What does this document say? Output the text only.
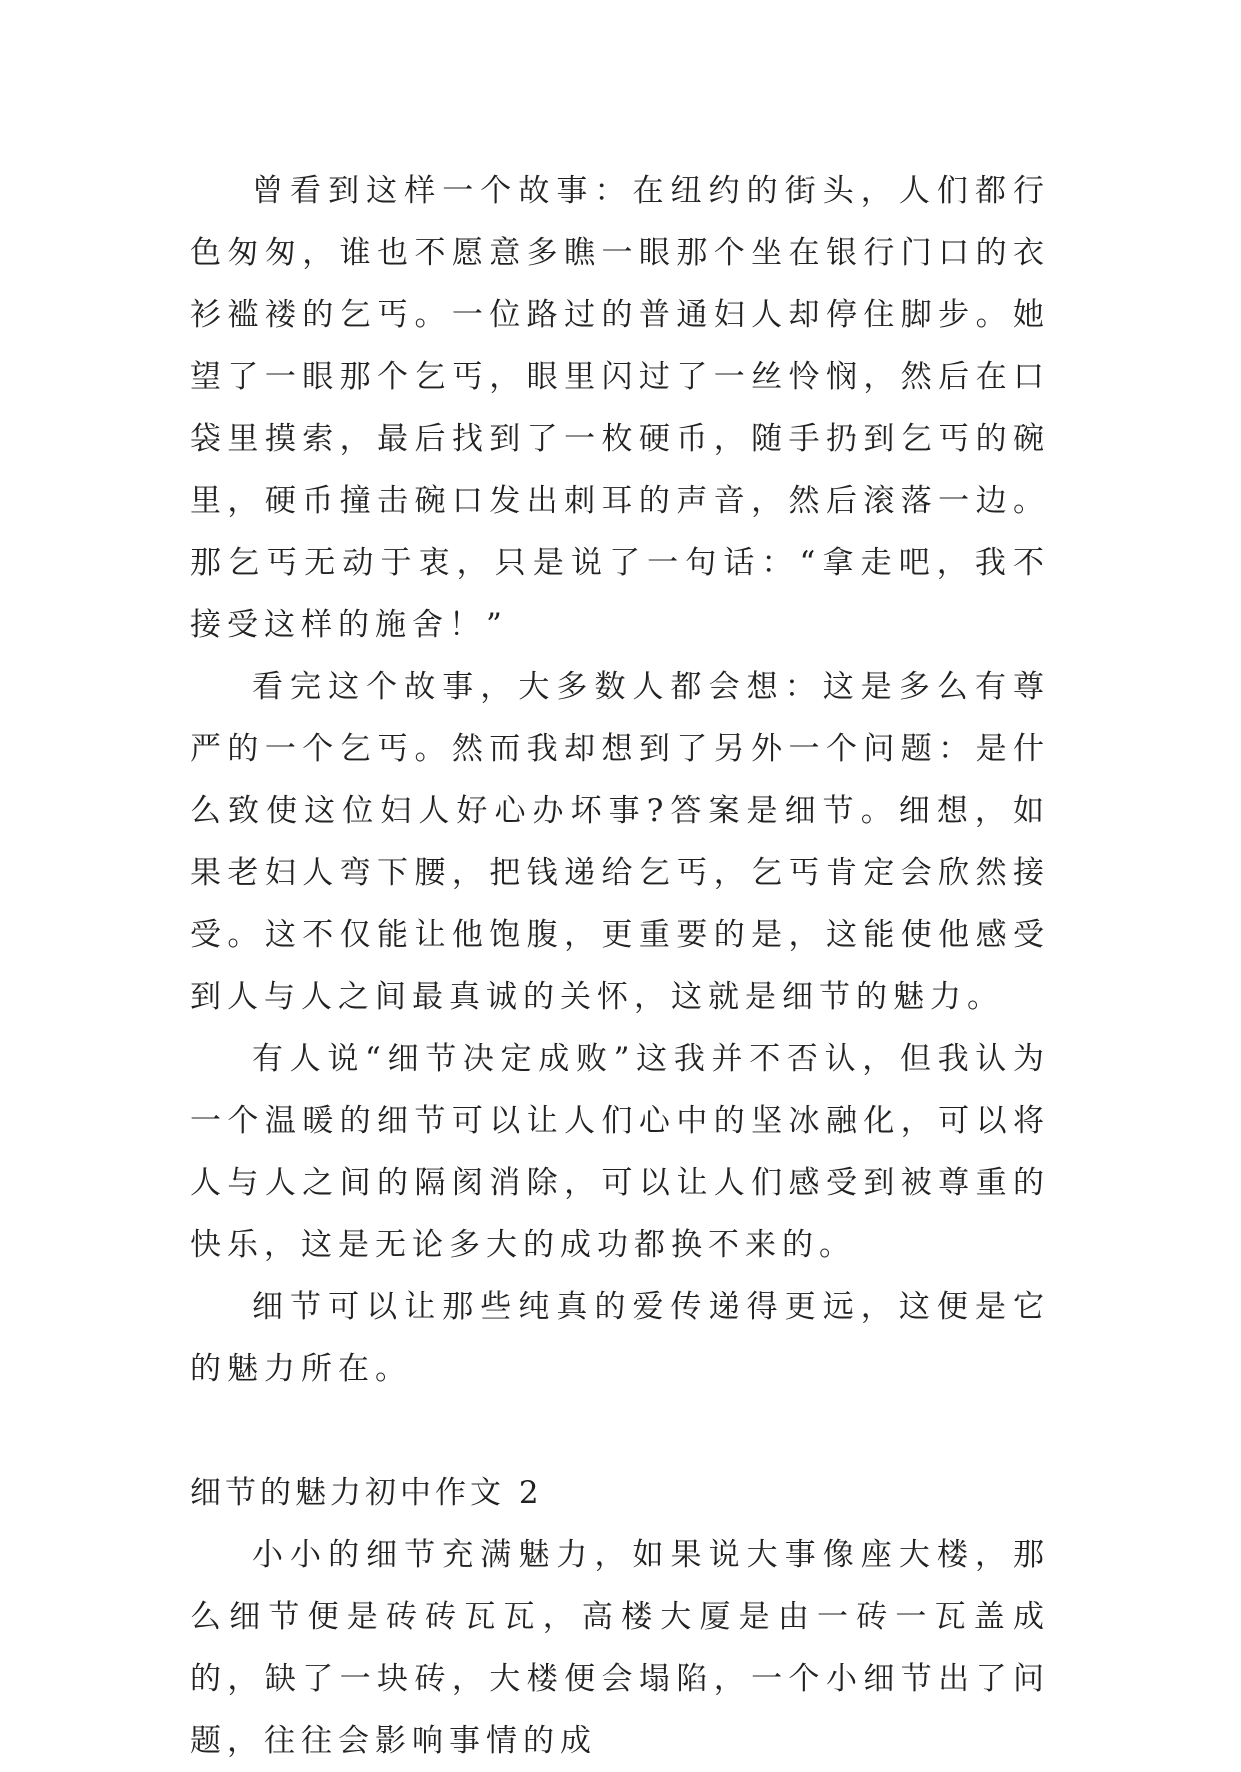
曾看到这样一个故事：在纽约的街头，人们都行色匆匆，谁也不愿意多瞧一眼那个坐在银行门口的衣衫褴褛的乞丐。一位路过的普通妇人却停住脚步。她望了一眼那个乞丐，眼里闪过了一丝怜悯，然后在口袋里摸索，最后找到了一枚硬币，随手扔到乞丐的碗里，硬币撞击碗口发出刺耳的声音，然后滚落一边。那乞丐无动于衷，只是说了一句话：“拿走吧，我不接受这样的施舍！”

看完这个故事，大多数人都会想：这是多么有尊严的一个乞丐。然而我却想到了另外一个问题：是什么致使这位妇人好心办坏事?答案是细节。细想，如果老妇人弯下腰，把钱递给乞丐，乞丐肯定会欣然接受。这不仅能让他饱腹，更重要的是，这能使他感受到人与人之间最真诚的关怀，这就是细节的魅力。

有人说“细节决定成败”这我并不否认，但我认为一个温暖的细节可以让人们心中的坚冰融化，可以将人与人之间的隔阂消除，可以让人们感受到被尊重的快乐，这是无论多大的成功都换不来的。

细节可以让那些纯真的爱传递得更远，这便是它的魅力所在。

细节的魅力初中作文 2

小小的细节充满魅力，如果说大事像座大楼，那么细节便是砖砖瓦瓦，高楼大厦是由一砖一瓦盖成的，缺了一块砖，大楼便会塌陷，一个小细节出了问题，往往会影响事情的成
